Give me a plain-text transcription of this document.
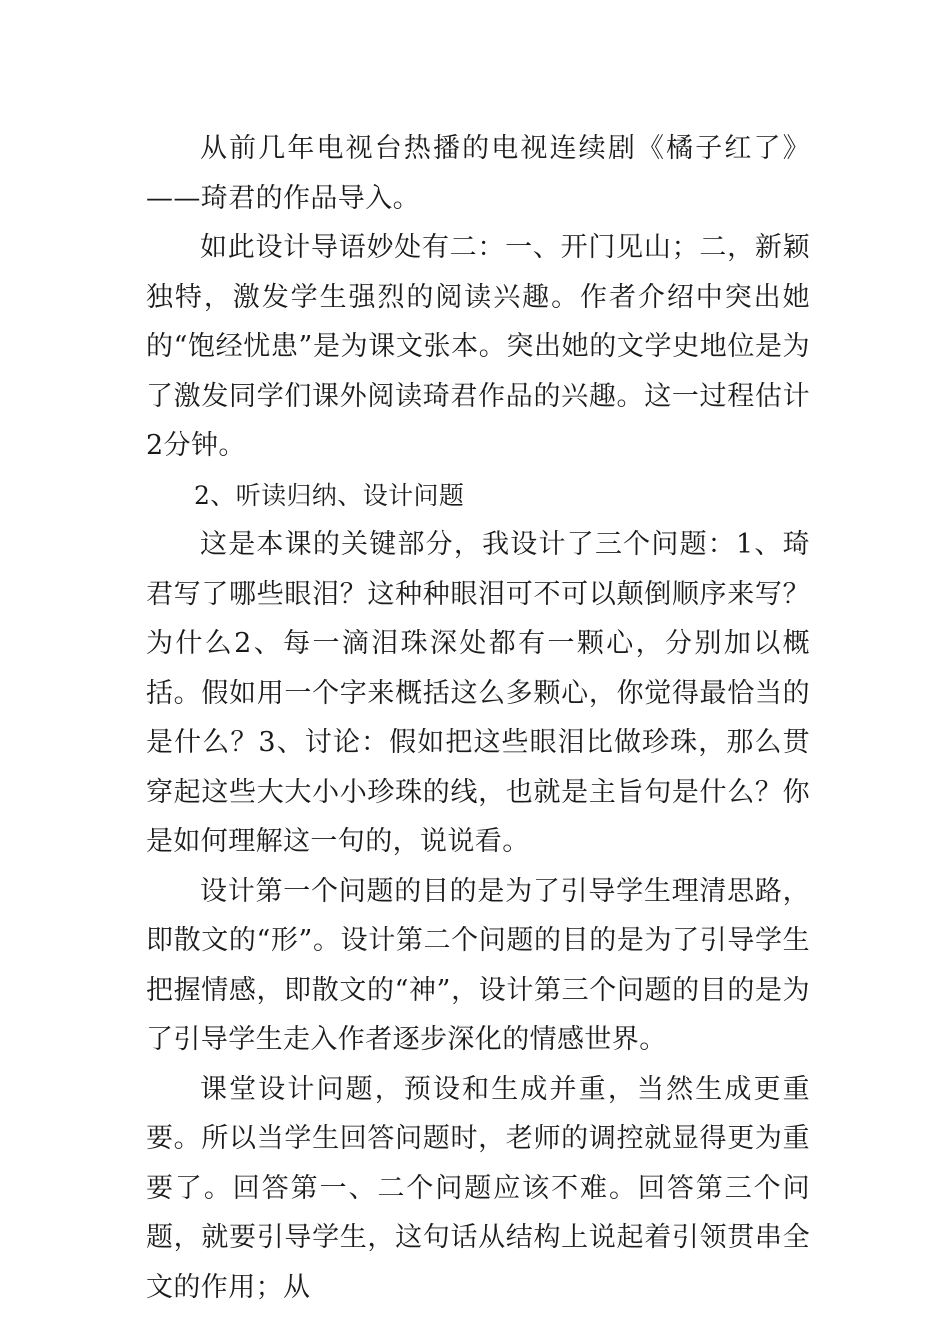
从前几年电视台热播的电视连续剧《橘子红了》——琦君的作品导入。

如此设计导语妙处有二：一、开门见山；二，新颖独特，激发学生强烈的阅读兴趣。作者介绍中突出她的“饱经忧患”是为课文张本。突出她的文学史地位是为了激发同学们课外阅读琦君作品的兴趣。这一过程估计2分钟。

2、听读归纳、设计问题

这是本课的关键部分，我设计了三个问题：1、琦君写了哪些眼泪？这种种眼泪可不可以颠倒顺序来写？为什么2、每一滴泪珠深处都有一颗心，分别加以概括。假如用一个字来概括这么多颗心，你觉得最恰当的是什么？3、讨论：假如把这些眼泪比做珍珠，那么贯穿起这些大大小小珍珠的线，也就是主旨句是什么？你是如何理解这一句的，说说看。

设计第一个问题的目的是为了引导学生理清思路，即散文的“形”。设计第二个问题的目的是为了引导学生把握情感，即散文的“神”，设计第三个问题的目的是为了引导学生走入作者逐步深化的情感世界。

课堂设计问题，预设和生成并重，当然生成更重要。所以当学生回答问题时，老师的调控就显得更为重要了。回答第一、二个问题应该不难。回答第三个问题，就要引导学生，这句话从结构上说起着引领贯串全文的作用；从
